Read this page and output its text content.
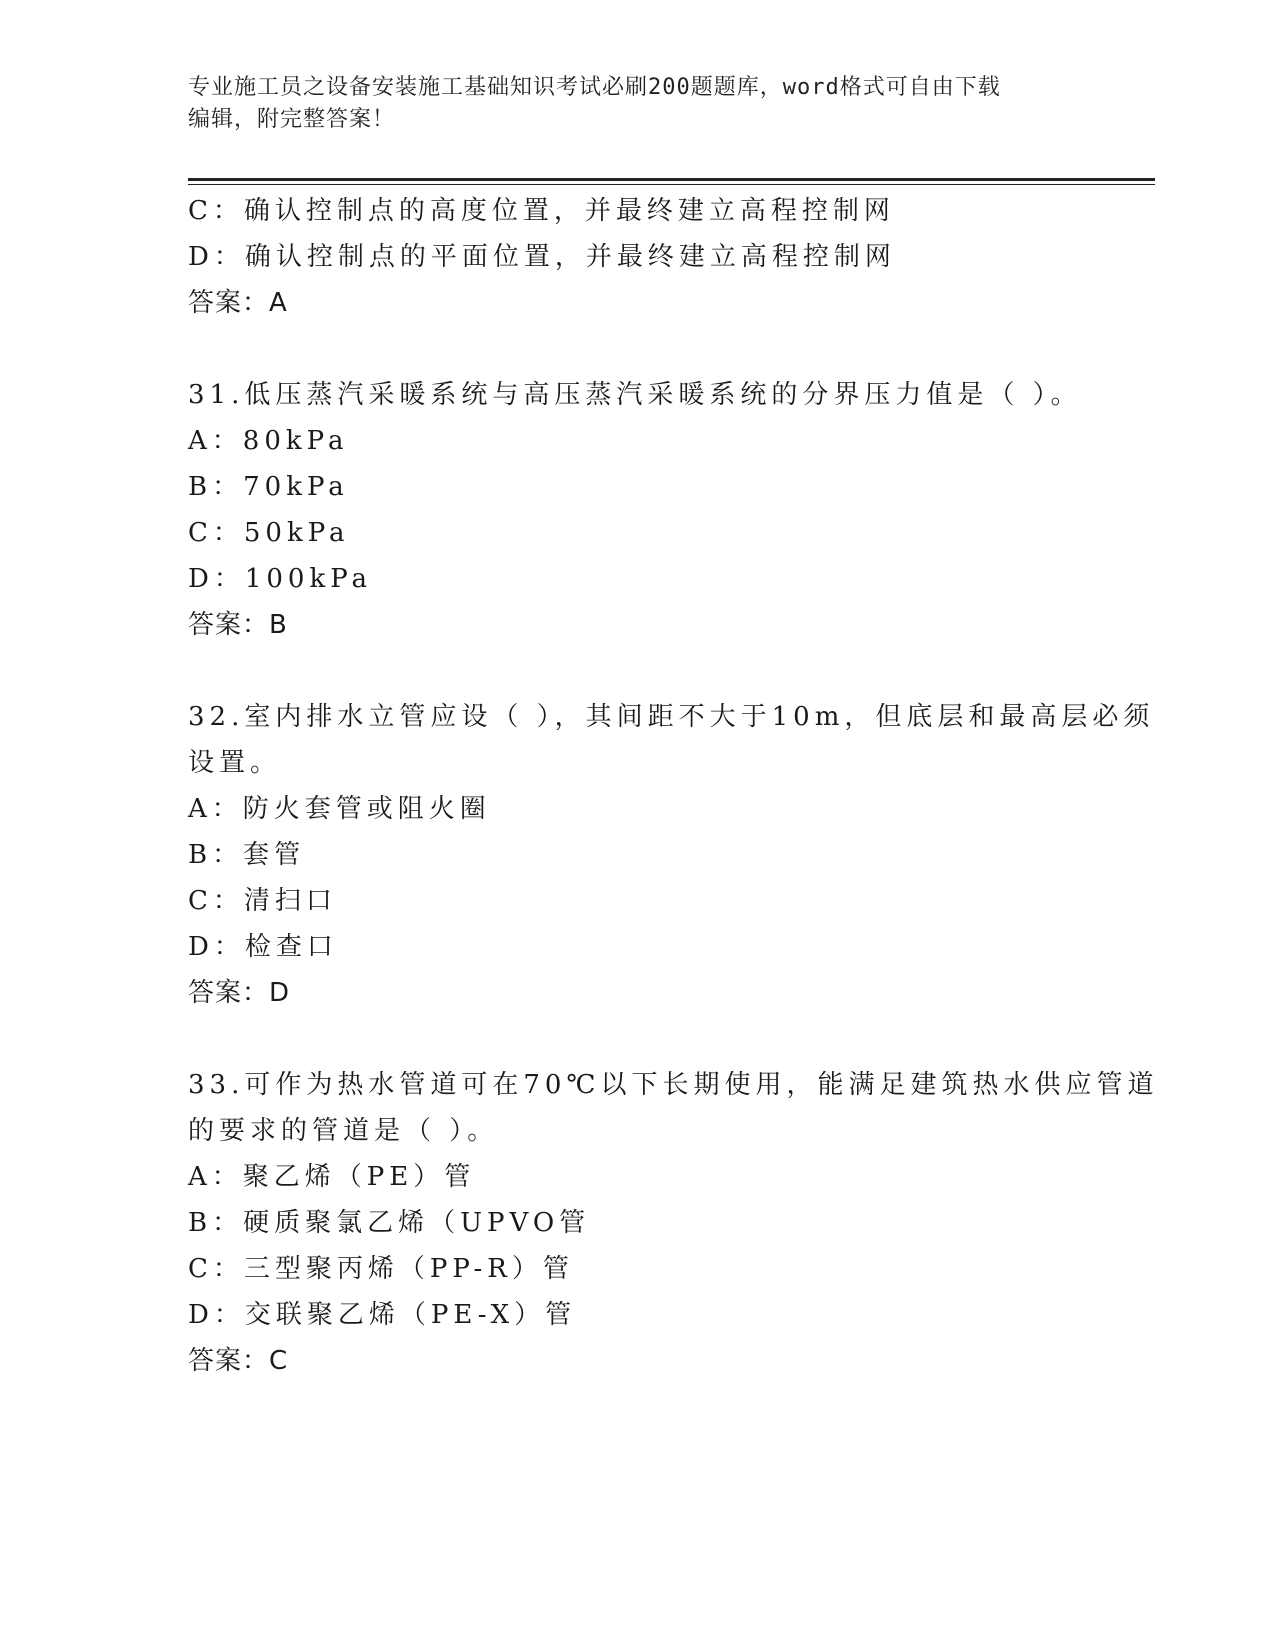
专业施工员之设备安装施工基础知识考试必刷200题题库，word格式可自由下载
编辑，附完整答案！
C：确认控制点的高度位置，并最终建立高程控制网
D：确认控制点的平面位置，并最终建立高程控制网
答案：A
31.低压蒸汽采暖系统与高压蒸汽采暖系统的分界压力值是（ ）。
A：80kPa
B：70kPa
C：50kPa
D：100kPa
答案：B
32.室内排水立管应设（ ），其间距不大于10m，但底层和最高层必须
设置。
A：防火套管或阻火圈
B：套管
C：清扫口
D：检查口
答案：D
33.可作为热水管道可在70℃以下长期使用，能满足建筑热水供应管道
的要求的管道是（ ）。
A：聚乙烯（PE）管
B：硬质聚氯乙烯（UPVO管
C：三型聚丙烯（PP-R）管
D：交联聚乙烯（PE-X）管
答案：C
